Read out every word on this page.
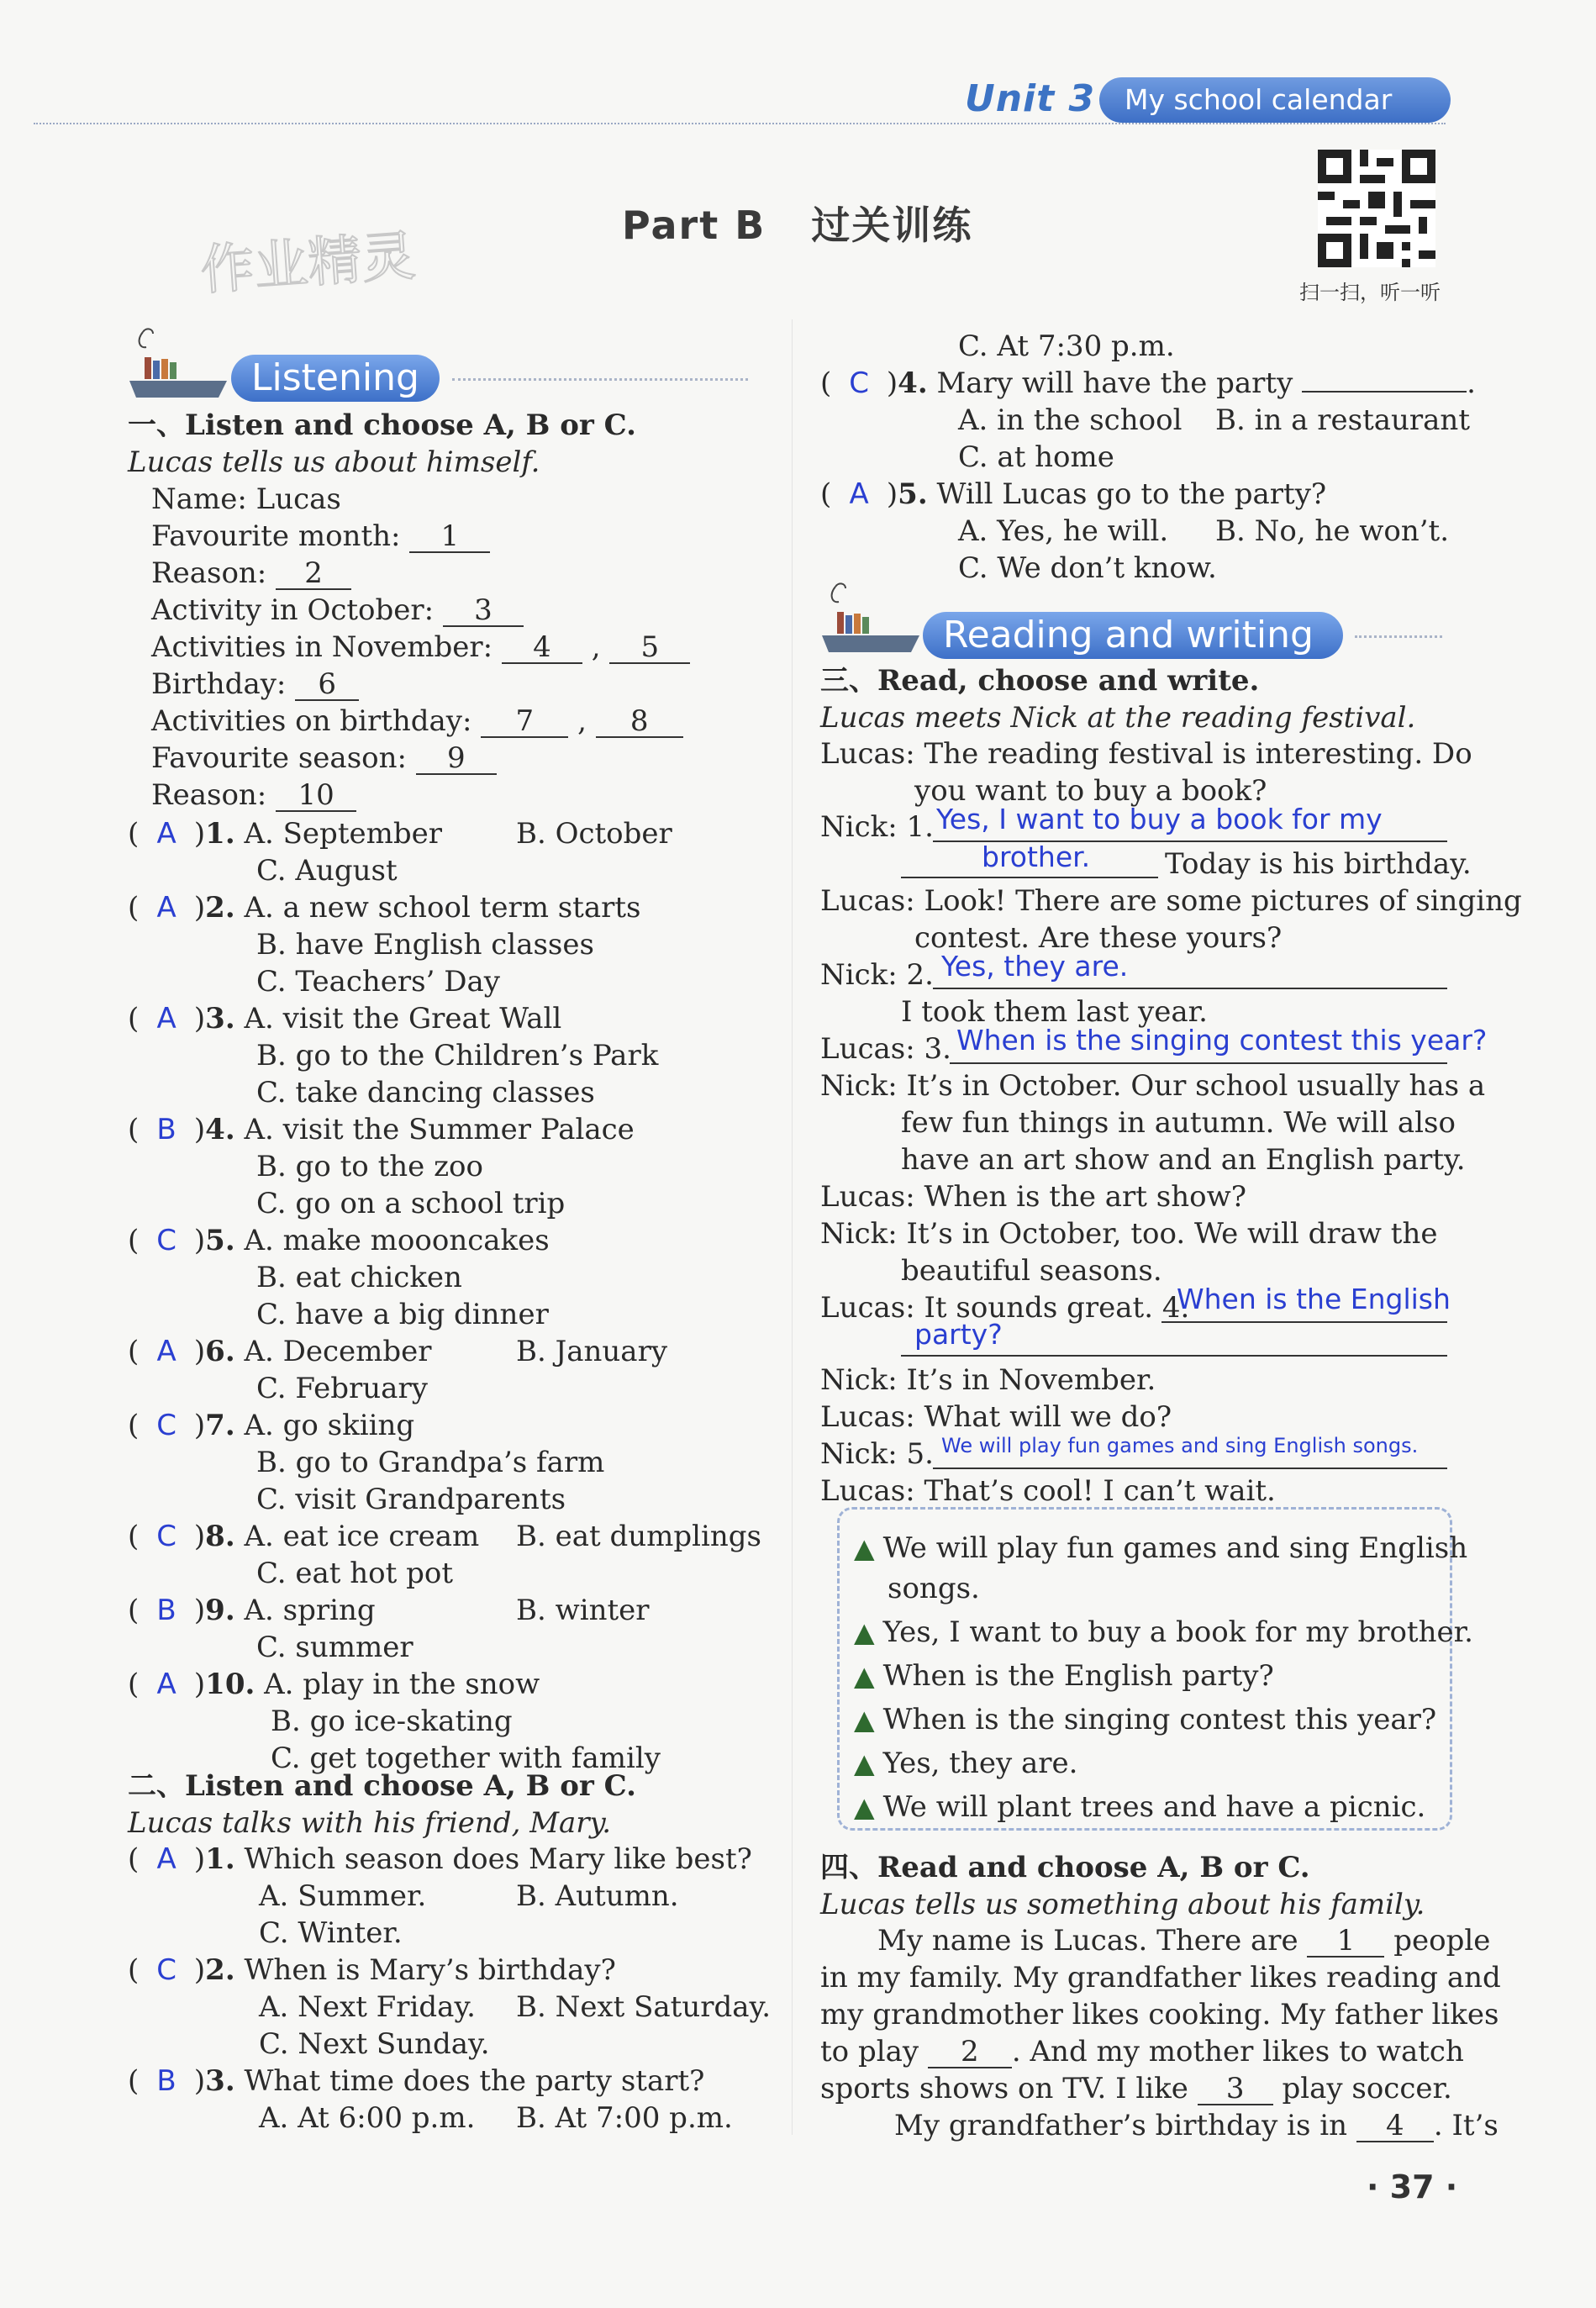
Unit 3	My school calendar
Part B   过关训练
作业精灵	扫一扫，听一听
Listening
一、Listen and choose A, B or C.
Lucas tells us about himself.
Name: Lucas
Favourite month: 1
Reason: 2
Activity in October: 3
Activities in November: 4 , 5
Birthday: 6
Activities on birthday: 7 , 8
Favourite season: 9
Reason: 10
( A )1. A. September	B. October
C. August
( A )2. A. a new school term starts
B. have English classes
C. Teachers’ Day
( A )3. A. visit the Great Wall
B. go to the Children’s Park
C. take dancing classes
( B )4. A. visit the Summer Palace
B. go to the zoo
C. go on a school trip
( C )5. A. make moooncakes
B. eat chicken
C. have a big dinner
( A )6. A. December	B. January
C. February
( C )7. A. go skiing
B. go to Grandpa’s farm
C. visit Grandparents
( C )8. A. eat ice cream B. eat dumplings
C. eat hot pot
( B )9. A. spring	B. winter
C. summer
( A )10. A. play in the snow
B. go ice-skating
C. get together with family
二、Listen and choose A, B or C.
Lucas talks with his friend, Mary.
( A )1. Which season does Mary like best?
A. Summer.	B. Autumn.
C. Winter.
( C )2. When is Mary’s birthday?
A. Next Friday. B. Next Saturday.
C. Next Sunday.
( B )3. What time does the party start?
A. At 6:00 p.m. B. At 7:00 p.m.
( C )4. Mary will have the party	.
A. in the school B. in a restaurant
C. at home
( A )5. Will Lucas go to the party?
A. Yes, he will. B. No, he won’t.
C. We don’t know.
C. At 7:30 p.m.
Reading and writing
三、Read, choose and write.
Lucas meets Nick at the reading festival.
Lucas: The reading festival is interesting. Do
you want to buy a book?
Nick: 1. Yes, I want to buy a book for my
brother.	Today is his birthday.
Lucas: Look! There are some pictures of singing
contest. Are these yours?
Nick: 2. Yes, they are.
I took them last year.
Lucas: 3. When is the singing contest this year?
Nick: It’s in October. Our school usually has a
few fun things in autumn. We will also
have an art show and an English party.
Lucas: When is the art show?
Nick: It’s in October, too. We will draw the
beautiful seasons.
Lucas: It sounds great. 4.
When is the English
party?
Nick: It’s in November.
Lucas: What will we do?
Nick: 5. We will play fun games and sing English songs.
Lucas: That’s cool! I can’t wait.
▲ We will play fun games and sing English
songs.
▲ Yes, I want to buy a book for my brother.
▲ When is the English party?
▲ When is the singing contest this year?
▲ Yes, they are.
▲ We will plant trees and have a picnic.
四、Read and choose A, B or C.
Lucas tells us something about his family.
My name is Lucas. There are 1 people
in my family. My grandfather likes reading and
my grandmother likes cooking. My father likes
to play 2 . And my mother likes to watch
sports shows on TV. I like 3 play soccer.
My grandfather’s birthday is in 4 . It’s
· 37 ·
